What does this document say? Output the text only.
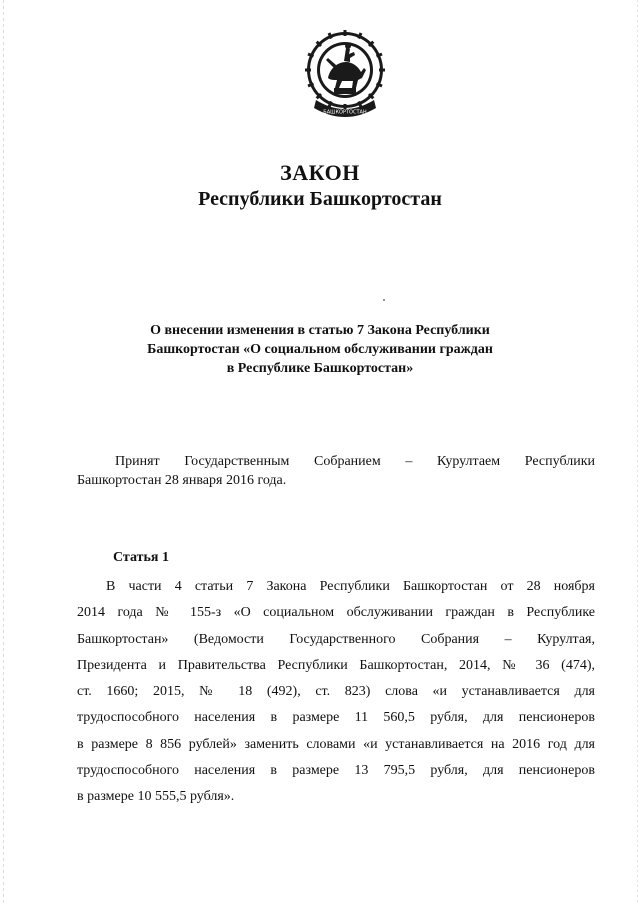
БАШКОРТОСТАН
ЗАКОН
Республики Башкортостан
О внесении изменения в статью 7 Закона Республики
Башкортостан «О социальном обслуживании граждан
в Республике Башкортостан»
Принят Государственным Собранием – Курултаем Республики
Башкортостан 28 января 2016 года.
Статья 1
В части 4 статьи 7 Закона Республики Башкортостан от 28 ноября
2014 года № 155-з «О социальном обслуживании граждан в Республике
Башкортостан» (Ведомости Государственного Собрания – Курултая,
Президента и Правительства Республики Башкортостан, 2014, № 36 (474),
ст. 1660; 2015, № 18 (492), ст. 823) слова «и устанавливается для
трудоспособного населения в размере 11 560,5 рубля, для пенсионеров
в размере 8 856 рублей» заменить словами «и устанавливается на 2016 год для
трудоспособного населения в размере 13 795,5 рубля, для пенсионеров
в размере 10 555,5 рубля».
